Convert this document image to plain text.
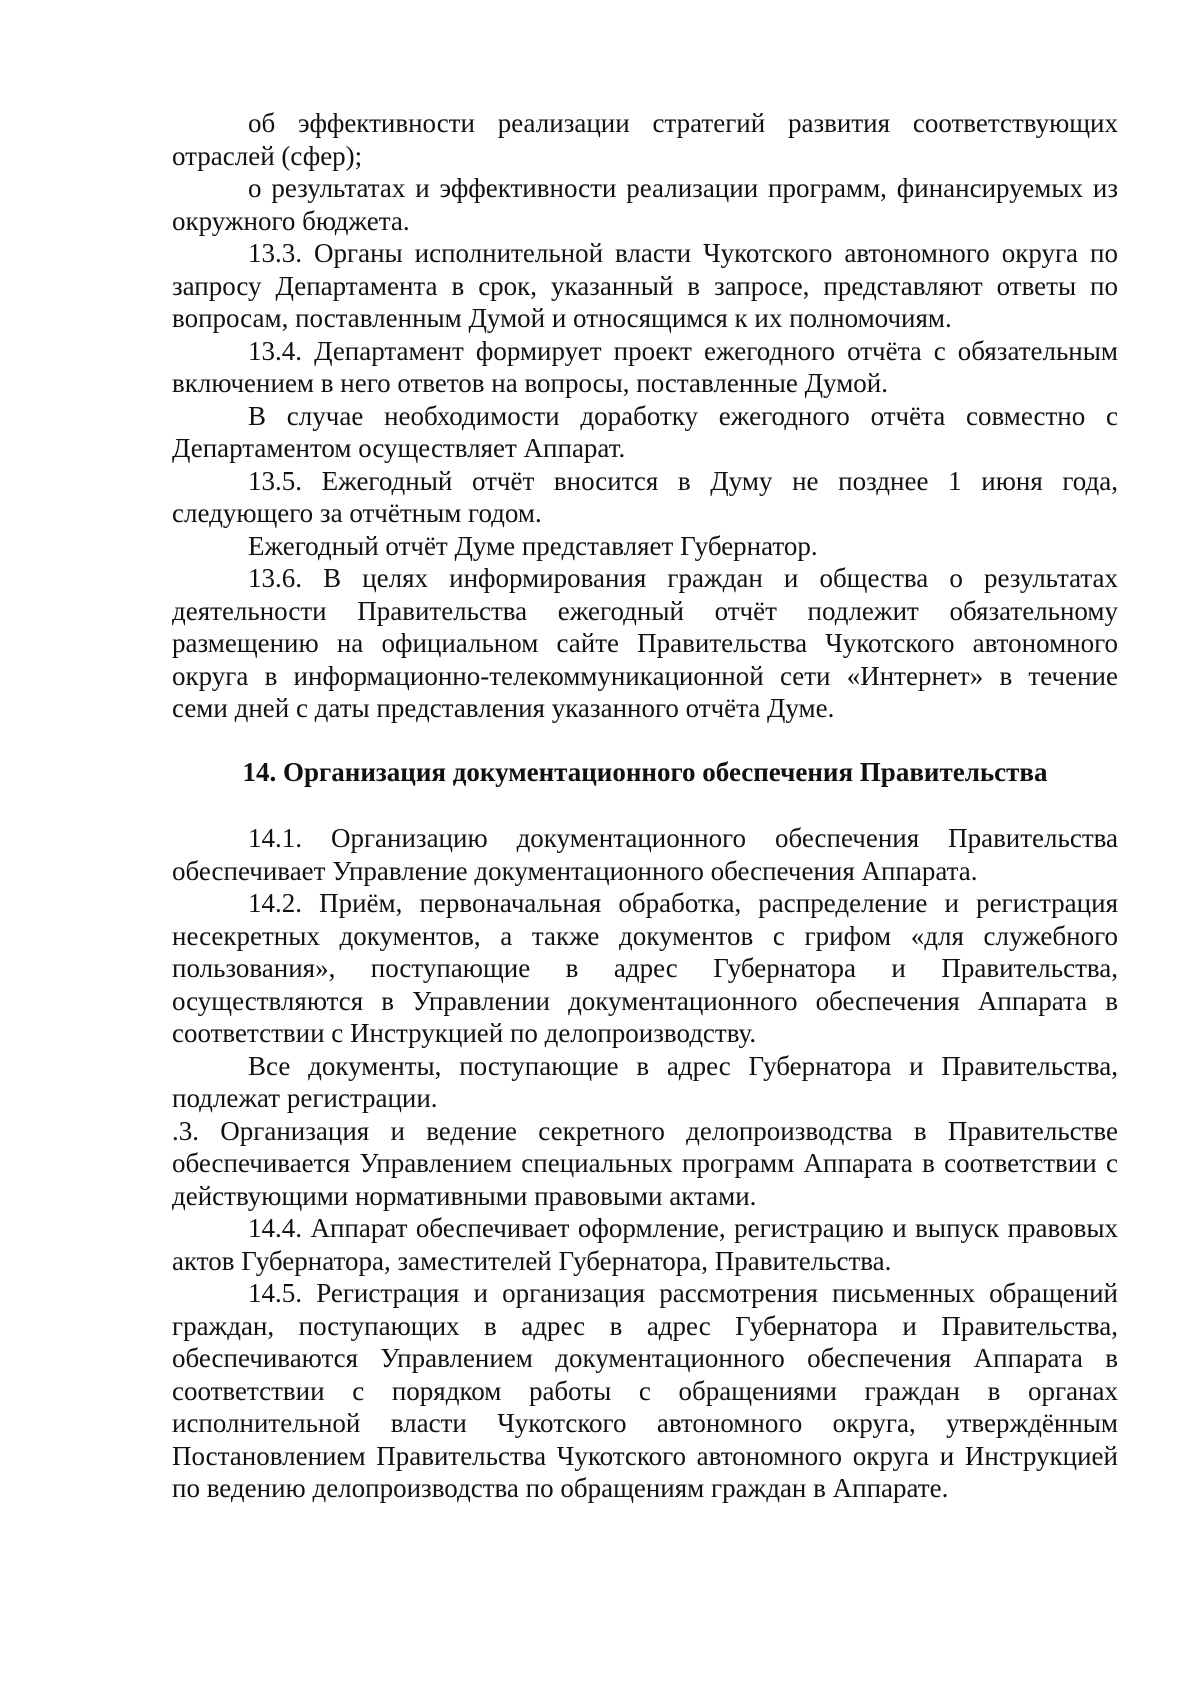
об эффективности реализации стратегий развития соответствующих отраслей (сфер);

о результатах и эффективности реализации программ, финансируемых из окружного бюджета.

13.3. Органы исполнительной власти Чукотского автономного округа по запросу Департамента в срок, указанный в запросе, представляют ответы по вопросам, поставленным Думой и относящимся к их полномочиям.

13.4. Департамент формирует проект ежегодного отчёта с обязательным включением в него ответов на вопросы, поставленные Думой.

В случае необходимости доработку ежегодного отчёта совместно с Департаментом осуществляет Аппарат.

13.5. Ежегодный отчёт вносится в Думу не позднее 1 июня года, следующего за отчётным годом.

Ежегодный отчёт Думе представляет Губернатор.

13.6. В целях информирования граждан и общества о результатах деятельности Правительства ежегодный отчёт подлежит обязательному размещению на официальном сайте Правительства Чукотского автономного округа в информационно-телекоммуникационной сети «Интернет» в течение семи дней с даты представления указанного отчёта Думе.

14. Организация документационного обеспечения Правительства

14.1. Организацию документационного обеспечения Правительства обеспечивает Управление документационного обеспечения Аппарата.

14.2. Приём, первоначальная обработка, распределение и регистрация несекретных документов, а также документов с грифом «для служебного пользования», поступающие в адрес Губернатора и Правительства, осуществляются в Управлении документационного обеспечения Аппарата в соответствии с Инструкцией по делопроизводству.

Все документы, поступающие в адрес Губернатора и Правительства, подлежат регистрации.

.3. Организация и ведение секретного делопроизводства в Правительстве обеспечивается Управлением специальных программ Аппарата в соответствии с действующими нормативными правовыми актами.

14.4. Аппарат обеспечивает оформление, регистрацию и выпуск правовых актов Губернатора, заместителей Губернатора, Правительства.

14.5. Регистрация и организация рассмотрения письменных обращений граждан, поступающих в адрес в адрес Губернатора и Правительства, обеспечиваются Управлением документационного обеспечения Аппарата в соответствии с порядком работы с обращениями граждан в органах исполнительной власти Чукотского автономного округа, утверждённым Постановлением Правительства Чукотского автономного округа и Инструкцией по ведению делопроизводства по обращениям граждан в Аппарате.
